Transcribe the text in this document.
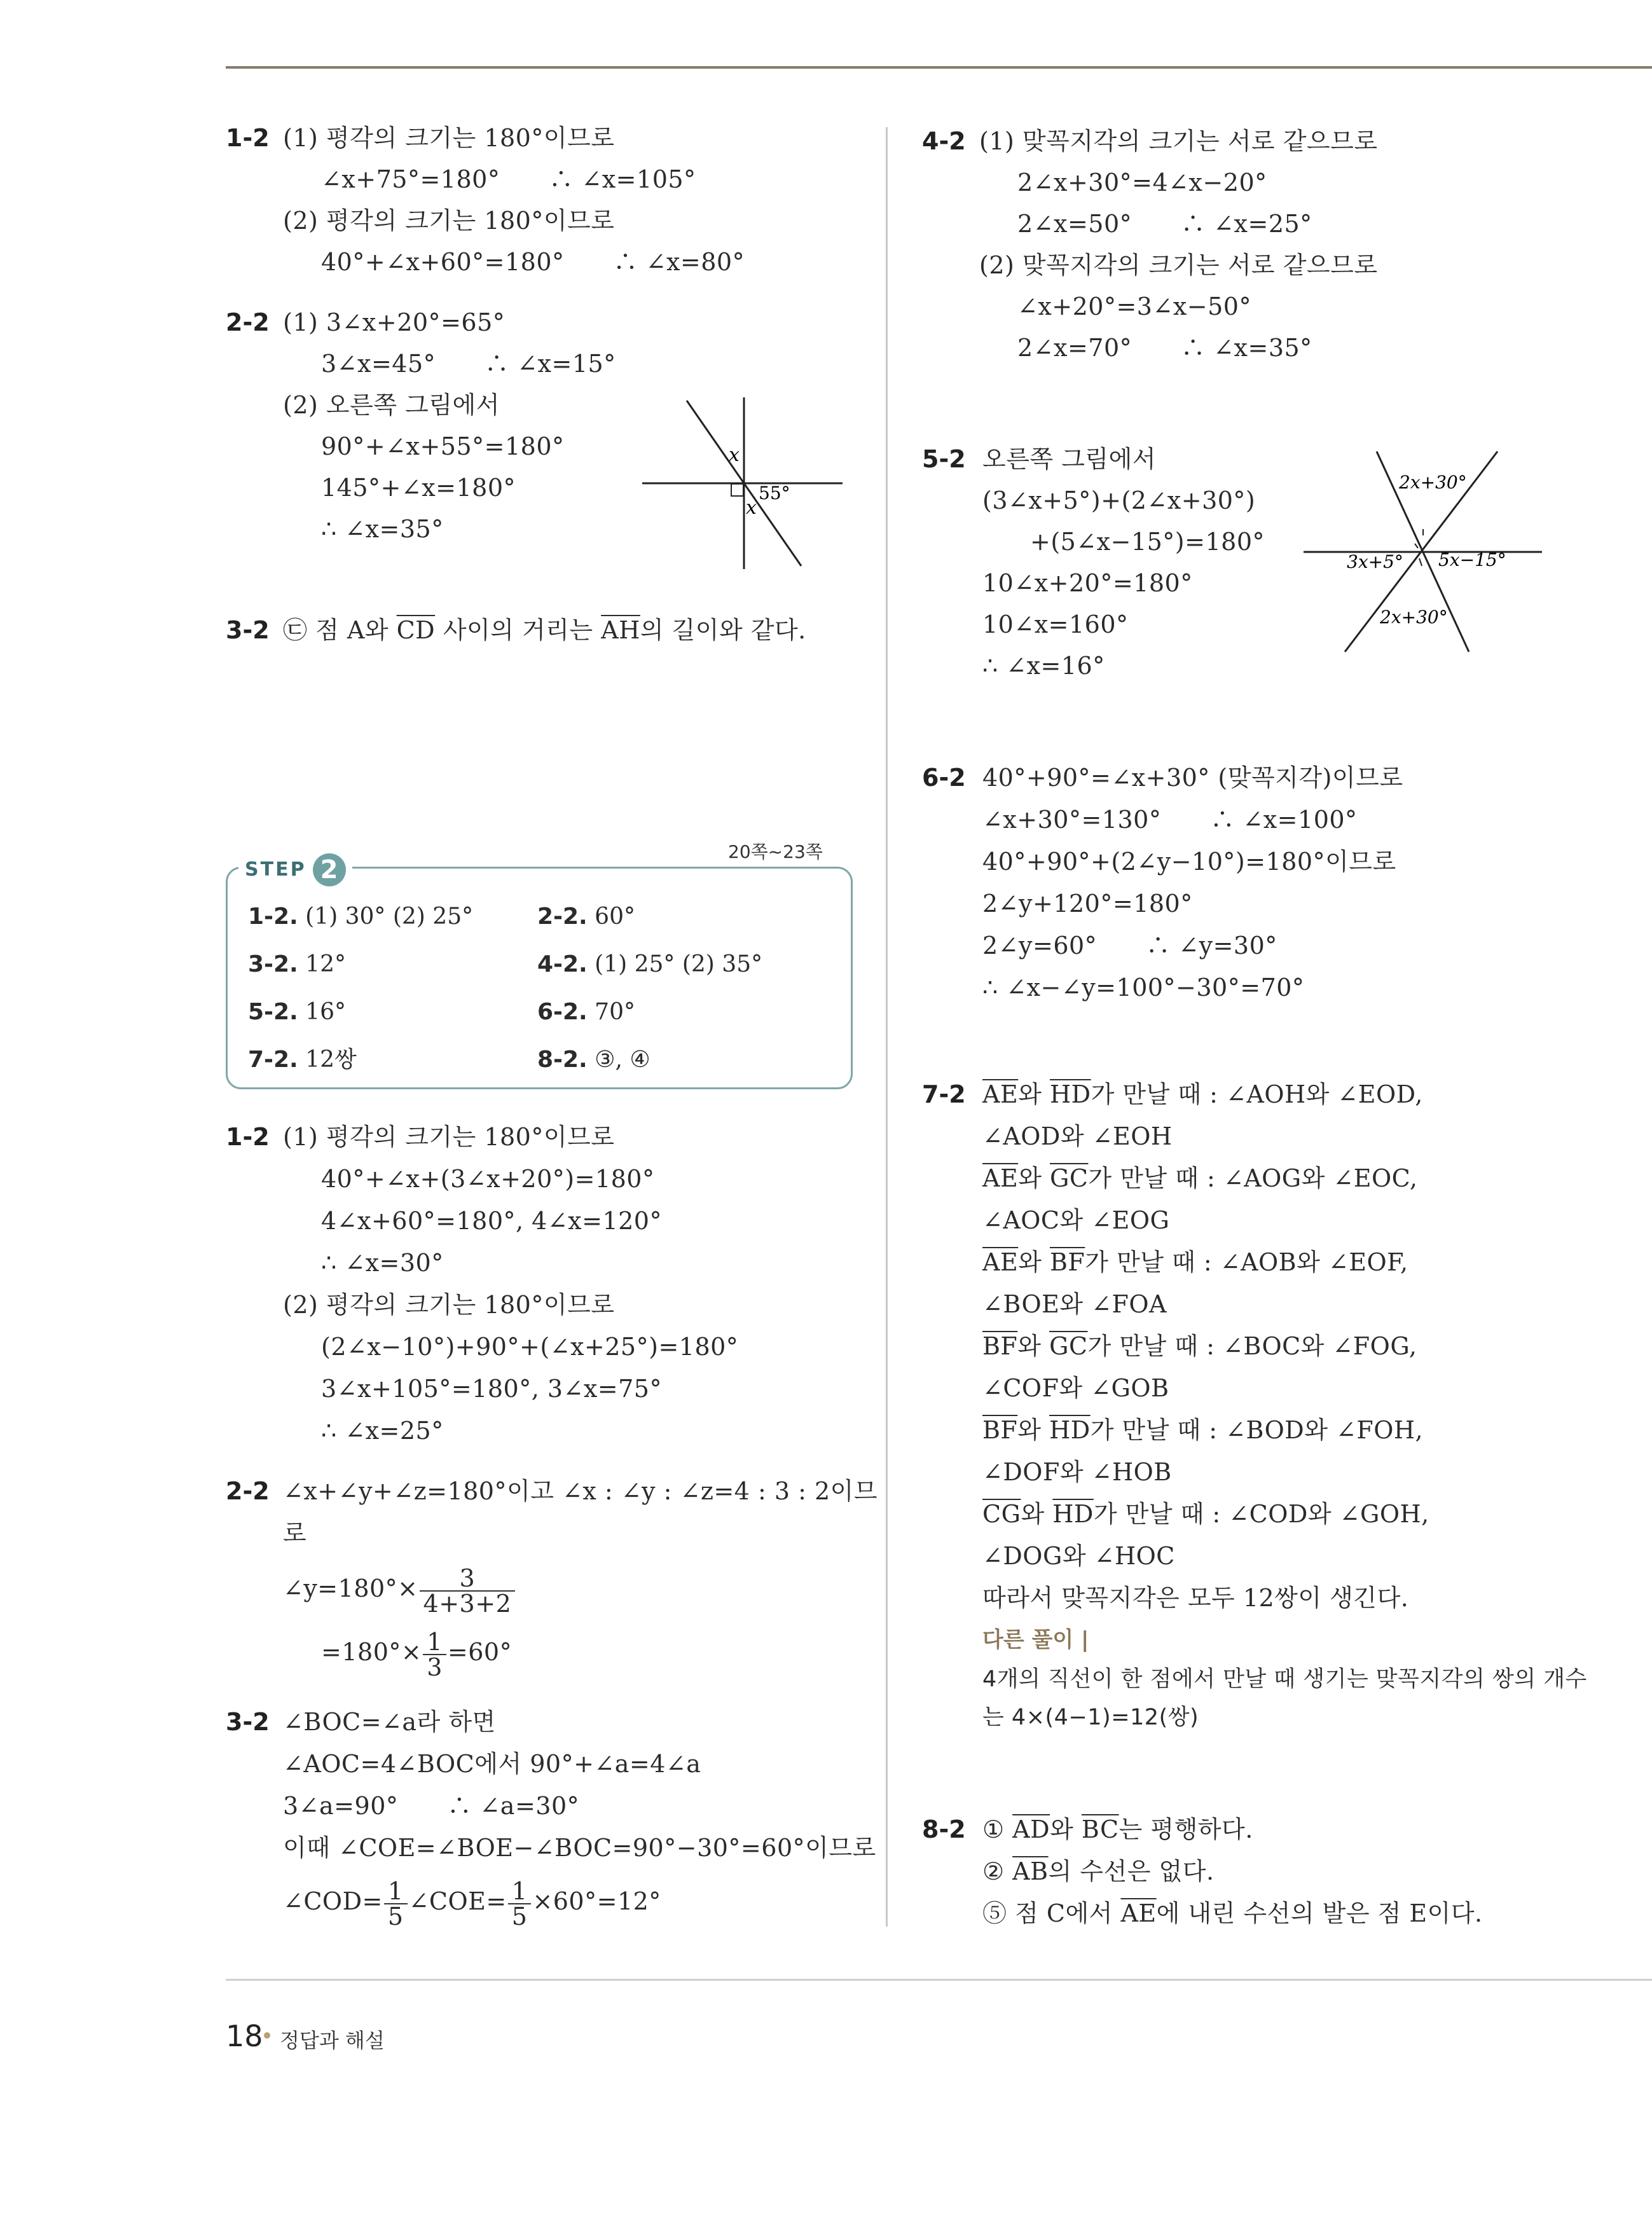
1-2 (1) 평각의 크기는 180°이므로
∠x+75°=180°　　∴ ∠x=105°
(2) 평각의 크기는 180°이므로
40°+∠x+60°=180°　　∴ ∠x=80°
2-2 (1) 3∠x+20°=65°
3∠x=45°　　∴ ∠x=15°
(2) 오른쪽 그림에서
90°+∠x+55°=180°
145°+∠x=180°
∴ ∠x=35°
x
x
55°
3-2 ㉢ 점 A와 $\overline{CD}$ 사이의 거리는 $\overline{AH}$의 길이와 같다.
20쪽~23쪽
STEP 2
1-2. (1) 30° (2) 25°	2-2. 60°
3-2. 12°	4-2. (1) 25° (2) 35°
5-2. 16°	6-2. 70°
7-2. 12쌍	8-2. ③, ④
1-2 (1) 평각의 크기는 180°이므로
40°+∠x+(3∠x+20°)=180°
4∠x+60°=180°, 4∠x=120°
∴ ∠x=30°
(2) 평각의 크기는 180°이므로
(2∠x−10°)+90°+(∠x+25°)=180°
3∠x+105°=180°, 3∠x=75°
∴ ∠x=25°
2-2 ∠x+∠y+∠z=180°이고 ∠x : ∠y : ∠z=4 : 3 : 2이므
로
∠y=180°× $\frac{3}{4+3+2}$
$=180^\circ\times \frac{1}{3} =60^\circ$
3-2 ∠BOC=∠a라 하면
∠AOC=4∠BOC에서 90°+∠a=4∠a
3∠a=90°　　∴ ∠a=30°
이때 ∠COE=∠BOE−∠BOC=90°−30°=60°이므로
∠COD= $\frac{1}{5}$ ∠COE= $\frac{1}{5} \times 60^\circ=12^\circ$
4-2 (1) 맞꼭지각의 크기는 서로 같으므로
2∠x+30°=4∠x−20°
2∠x=50°　　∴ ∠x=25°
(2) 맞꼭지각의 크기는 서로 같으므로
∠x+20°=3∠x−50°
2∠x=70°　　∴ ∠x=35°
5-2 오른쪽 그림에서
(3∠x+5°)+(2∠x+30°)
+(5∠x−15°)=180°
10∠x+20°=180°
10∠x=160°
∴ ∠x=16°
2x+30°
3x+5° 5x−15°
2x+30°
6-2 40°+90°=∠x+30° (맞꼭지각)이므로
∠x+30°=130°　　∴ ∠x=100°
40°+90°+(2∠y−10°)=180°이므로
2∠y+120°=180°
2∠y=60°　　∴ ∠y=30°
∴ ∠x−∠y=100°−30°=70°
7-2 $\overline{AE}$와 $\overline{HD}$가 만날 때 : ∠AOH와 ∠EOD,
∠AOD와 ∠EOH
$\overline{AE}$와 $\overline{GC}$가 만날 때 : ∠AOG와 ∠EOC,
∠AOC와 ∠EOG
$\overline{AE}$와 $\overline{BF}$가 만날 때 : ∠AOB와 ∠EOF,
∠BOE와 ∠FOA
$\overline{BF}$와 $\overline{GC}$가 만날 때 : ∠BOC와 ∠FOG,
∠COF와 ∠GOB
$\overline{BF}$와 $\overline{HD}$가 만날 때 : ∠BOD와 ∠FOH,
∠DOF와 ∠HOB
$\overline{CG}$와 $\overline{HD}$가 만날 때 : ∠COD와 ∠GOH,
∠DOG와 ∠HOC
따라서 맞꼭지각은 모두 12쌍이 생긴다.
다른 풀이 |
4개의 직선이 한 점에서 만날 때 생기는 맞꼭지각의 쌍의 개수
는 4×(4−1)=12(쌍)
8-2 ① $\overline{AD}$와 $\overline{BC}$는 평행하다.
② $\overline{AB}$의 수선은 없다.
⑤ 점 C에서 $\overline{AE}$에 내린 수선의 발은 점 E이다.
18 정답과 해설
